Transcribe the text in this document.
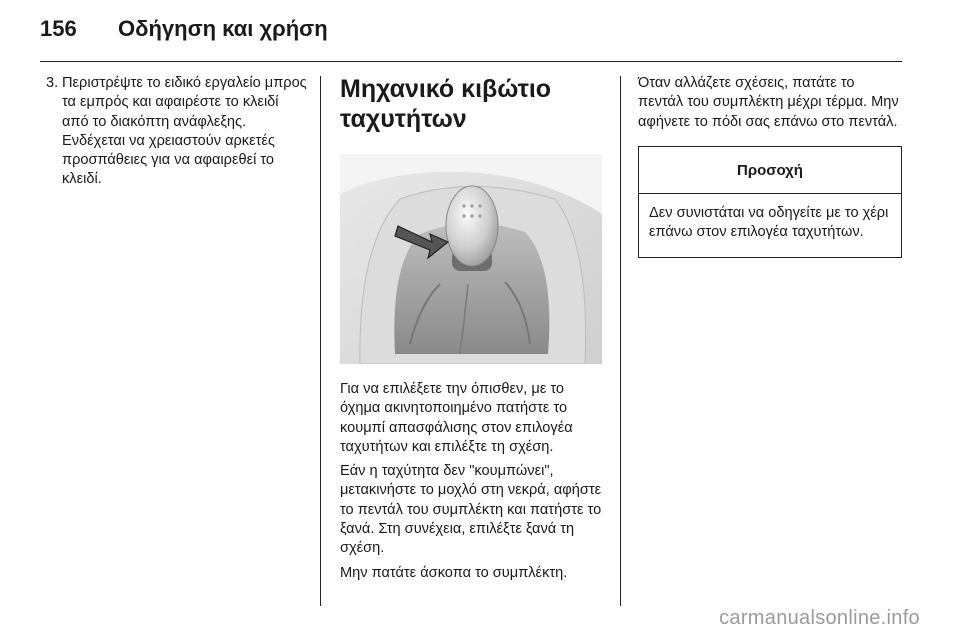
156	Οδήγηση και χρήση
3. Περιστρέψτε το ειδικό εργαλείο μπρος τα εμπρός και αφαιρέστε το κλειδί από το διακόπτη ανάφλεξης. Ενδέχεται να χρειαστούν αρκετές προσπάθειες για να αφαιρεθεί το κλειδί.
Μηχανικό κιβώτιο ταχυτήτων

Για να επιλέξετε την όπισθεν, με το όχημα ακινητοποιημένο πατήστε το κουμπί απασφάλισης στον επιλογέα ταχυτήτων και επιλέξτε τη σχέση.

Εάν η ταχύτητα δεν "κουμπώνει", μετακινήστε το μοχλό στη νεκρά, αφήστε το πεντάλ του συμπλέκτη και πατήστε το ξανά. Στη συνέχεια, επιλέξτε ξανά τη σχέση.

Μην πατάτε άσκοπα το συμπλέκτη.

Όταν αλλάζετε σχέσεις, πατάτε το πεντάλ του συμπλέκτη μέχρι τέρμα. Μην αφήνετε το πόδι σας επάνω στο πεντάλ.
Προσοχή
Δεν συνιστάται να οδηγείτε με το χέρι επάνω στον επιλογέα ταχυτήτων.
carmanualsonline.info
